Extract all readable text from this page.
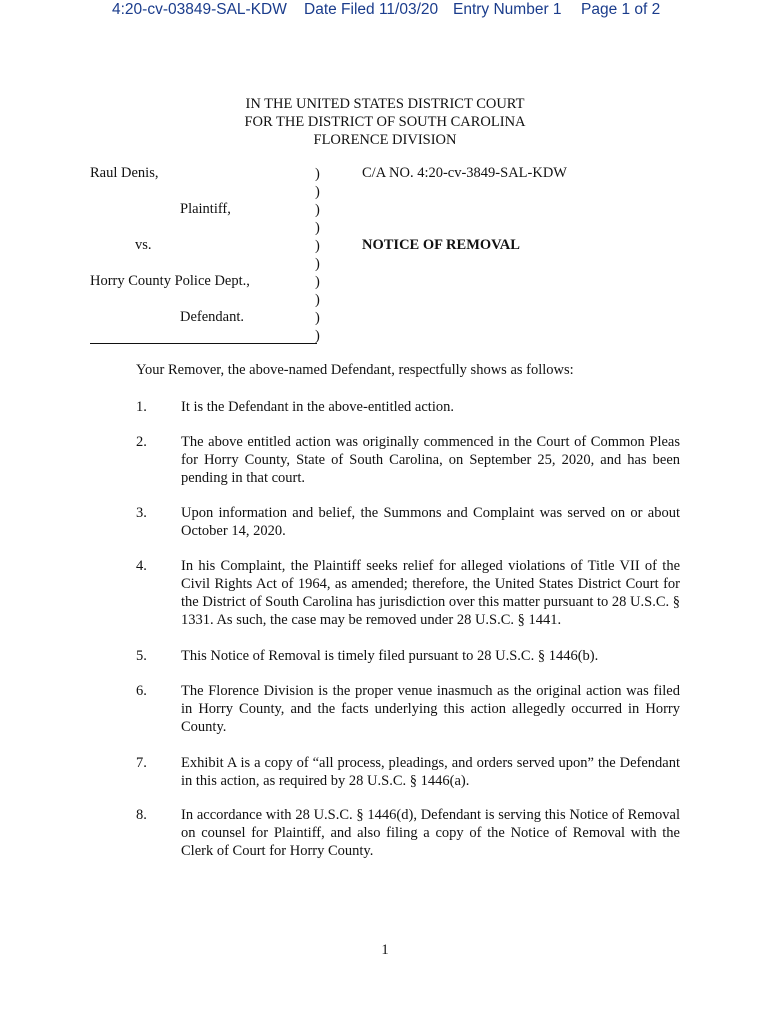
4:20-cv-03849-SAL-KDW Date Filed 11/03/20 Entry Number 1 Page 1 of 2
IN THE UNITED STATES DISTRICT COURT
FOR THE DISTRICT OF SOUTH CAROLINA
FLORENCE DIVISION
Raul Denis,
Plaintiff,
vs.
Horry County Police Dept.,
Defendant.
)
)
)
)
)
)
)
)
)
)
C/A NO. 4:20-cv-3849-SAL-KDW
NOTICE OF REMOVAL
Your Remover, the above-named Defendant, respectfully shows as follows:
1. It is the Defendant in the above-entitled action.
2. The above entitled action was originally commenced in the Court of Common Pleas for Horry County, State of South Carolina, on September 25, 2020, and has been pending in that court.
3. Upon information and belief, the Summons and Complaint was served on or about October 14, 2020.
4. In his Complaint, the Plaintiff seeks relief for alleged violations of Title VII of the Civil Rights Act of 1964, as amended; therefore, the United States District Court for the District of South Carolina has jurisdiction over this matter pursuant to 28 U.S.C. § 1331. As such, the case may be removed under 28 U.S.C. § 1441.
5. This Notice of Removal is timely filed pursuant to 28 U.S.C. § 1446(b).
6. The Florence Division is the proper venue inasmuch as the original action was filed in Horry County, and the facts underlying this action allegedly occurred in Horry County.
7. Exhibit A is a copy of “all process, pleadings, and orders served upon” the Defendant in this action, as required by 28 U.S.C. § 1446(a).
8. In accordance with 28 U.S.C. § 1446(d), Defendant is serving this Notice of Removal on counsel for Plaintiff, and also filing a copy of the Notice of Removal with the Clerk of Court for Horry County.
1
